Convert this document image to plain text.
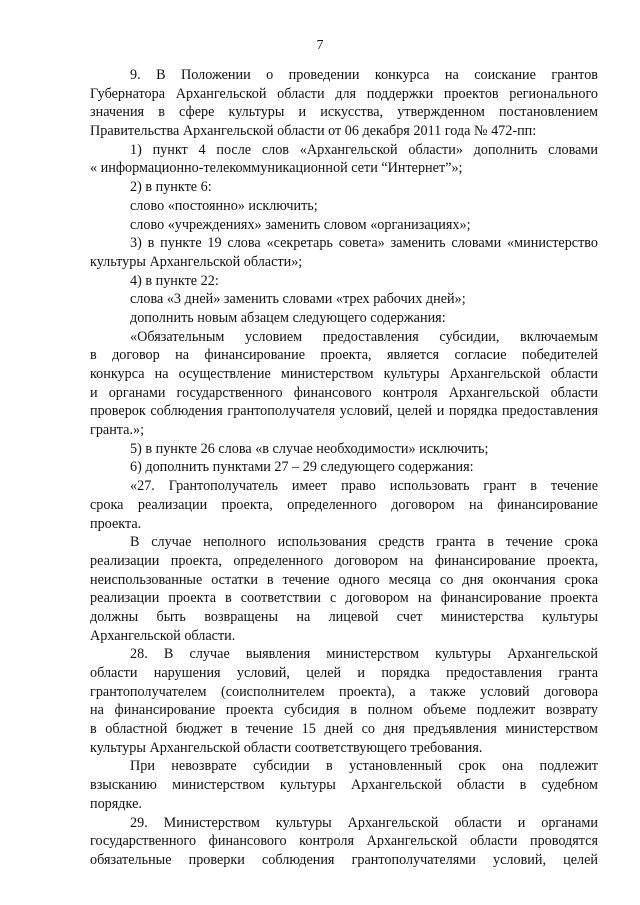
7
9. В Положении о проведении конкурса на соискание грантов
Губернатора Архангельской области для поддержки проектов регионального
значения в сфере культуры и искусства, утвержденном постановлением
Правительства Архангельской области от 06 декабря 2011 года № 472-пп:
1) пункт 4 после слов «Архангельской области» дополнить словами
« информационно-телекоммуникационной сети “Интернет”»;
2) в пункте 6:
слово «постоянно» исключить;
слово «учреждениях» заменить словом «организациях»;
3) в пункте 19 слова «секретарь совета» заменить словами «министерство
культуры Архангельской области»;
4) в пункте 22:
слова «3 дней» заменить словами «трех рабочих дней»;
дополнить новым абзацем следующего содержания:
«Обязательным условием предоставления субсидии, включаемым
в договор на финансирование проекта, является согласие победителей
конкурса на осуществление министерством культуры Архангельской области
и органами государственного финансового контроля Архангельской области
проверок соблюдения грантополучателя условий, целей и порядка предоставления
гранта.»;
5) в пункте 26 слова «в случае необходимости» исключить;
6) дополнить пунктами 27 – 29 следующего содержания:
«27. Грантополучатель имеет право использовать грант в течение
срока реализации проекта, определенного договором на финансирование
проекта.
В случае неполного использования средств гранта в течение срока
реализации проекта, определенного договором на финансирование проекта,
неиспользованные остатки в течение одного месяца со дня окончания срока
реализации проекта в соответствии с договором на финансирование проекта
должны быть возвращены на лицевой счет министерства культуры
Архангельской области.
28. В случае выявления министерством культуры Архангельской
области нарушения условий, целей и порядка предоставления гранта
грантополучателем (соисполнителем проекта), а также условий договора
на финансирование проекта субсидия в полном объеме подлежит возврату
в областной бюджет в течение 15 дней со дня предъявления министерством
культуры Архангельской области соответствующего требования.
При невозврате субсидии в установленный срок она подлежит
взысканию министерством культуры Архангельской области в судебном
порядке.
29. Министерством культуры Архангельской области и органами
государственного финансового контроля Архангельской области проводятся
обязательные проверки соблюдения грантополучателями условий, целей
